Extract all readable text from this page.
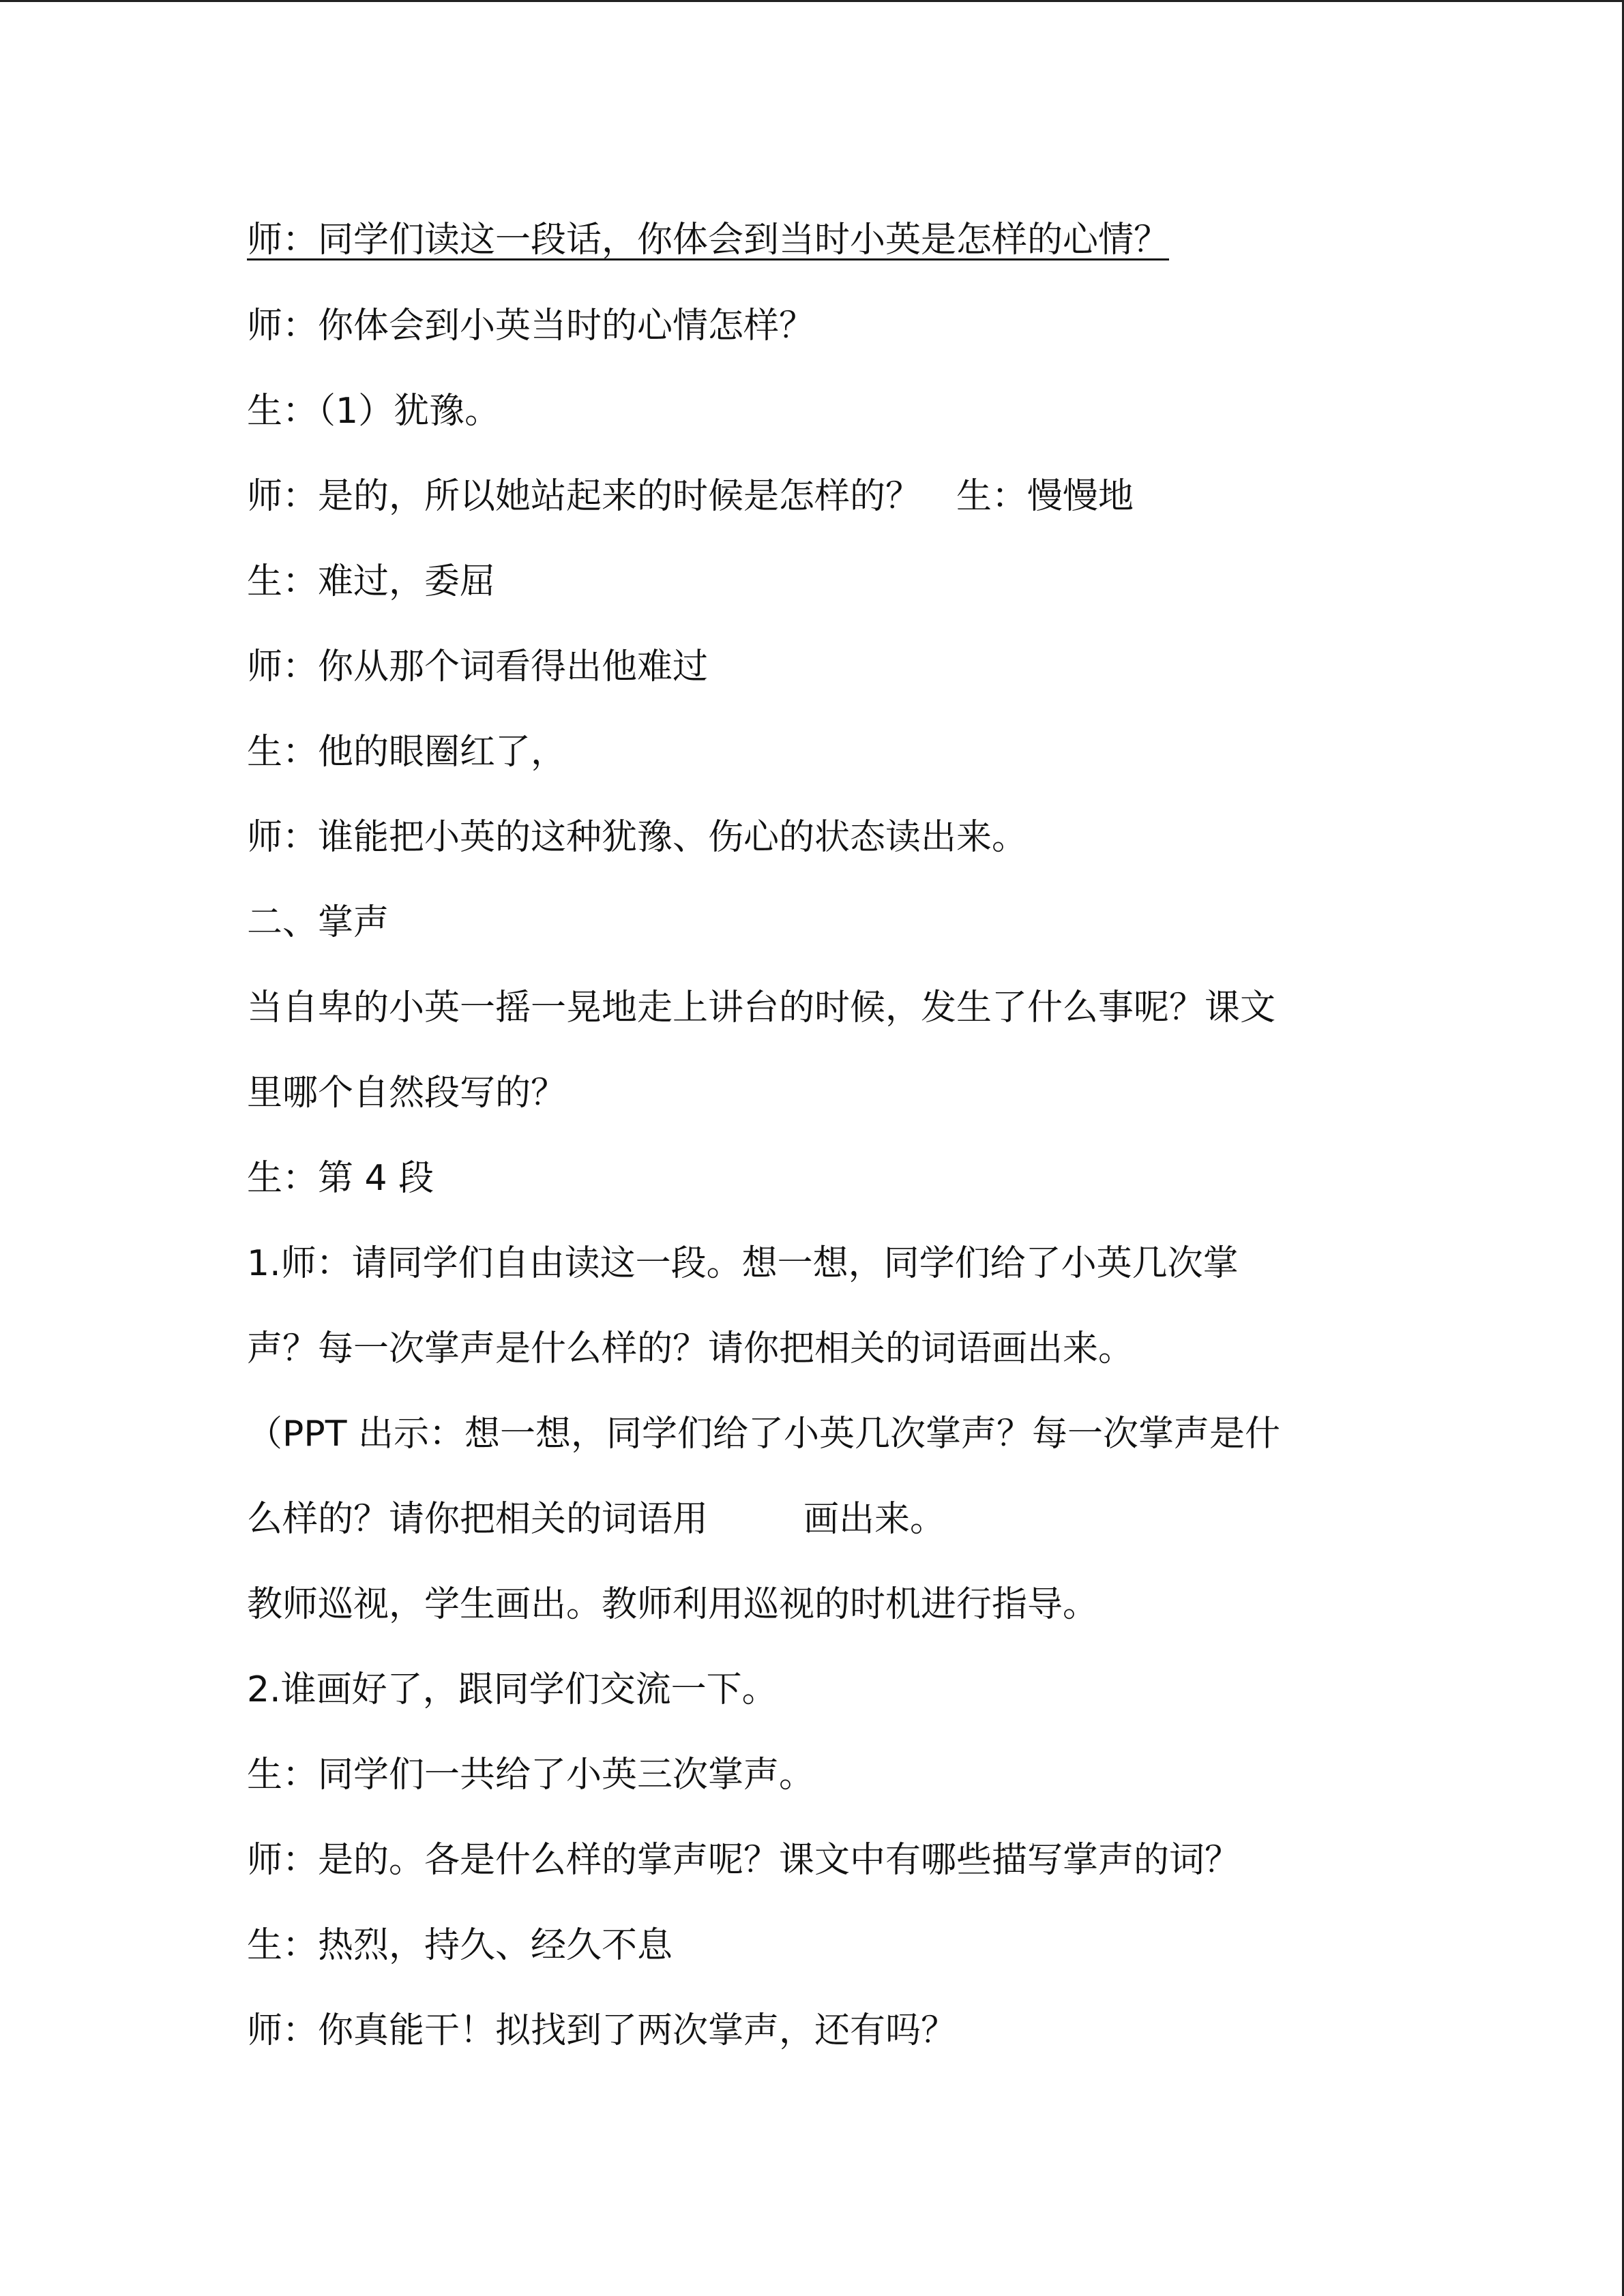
师：同学们读这一段话，你体会到当时小英是怎样的心情？
师：你体会到小英当时的心情怎样？
生：（1）犹豫。
师：是的，所以她站起来的时候是怎样的？　生：慢慢地
生：难过，委屈
师：你从那个词看得出他难过
生：他的眼圈红了，
师：谁能把小英的这种犹豫、伤心的状态读出来。
二、掌声
当自卑的小英一摇一晃地走上讲台的时候，发生了什么事呢？课文
里哪个自然段写的？
生：第 4 段
1.师：请同学们自由读这一段。想一想，同学们给了小英几次掌
声？每一次掌声是什么样的？请你把相关的词语画出来。
（PPT 出示：想一想，同学们给了小英几次掌声？每一次掌声是什
么样的？请你把相关的词语用	画出来。
教师巡视，学生画出。教师利用巡视的时机进行指导。
2.谁画好了，跟同学们交流一下。
生：同学们一共给了小英三次掌声。
师：是的。各是什么样的掌声呢？课文中有哪些描写掌声的词？
生：热烈，持久、经久不息
师：你真能干！拟找到了两次掌声，还有吗？
